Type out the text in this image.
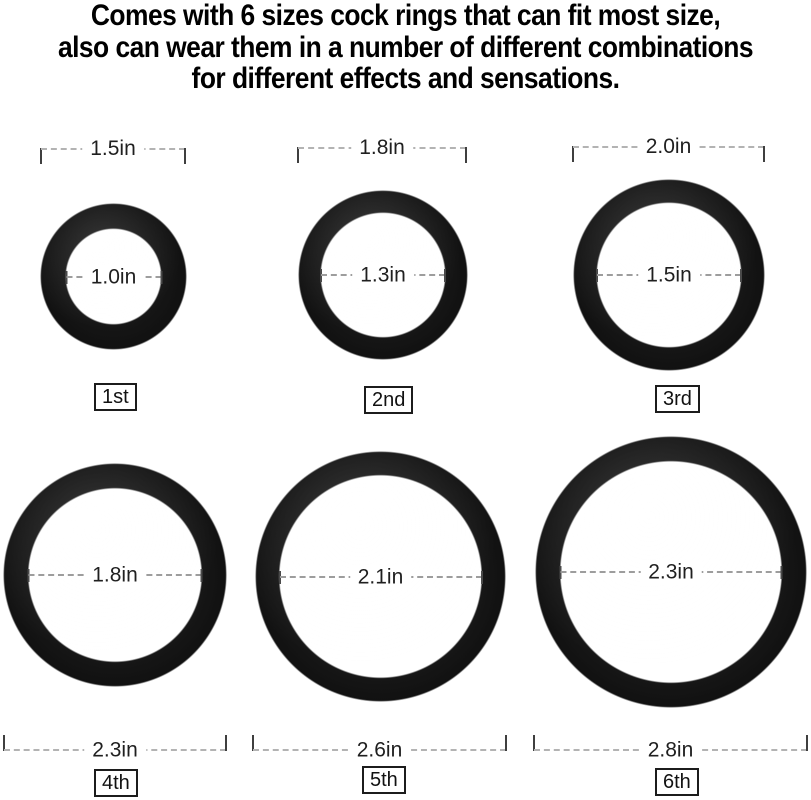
Comes with 6 sizes cock rings that can fit most size,
also can wear them in a number of different combinations
for different effects and sensations.
1.5in
1.0in
1st
1.8in
1.3in
2nd
2.0in
1.5in
3rd
1.8in
2.3in
4th
2.1in
2.6in
5th
2.3in
2.8in
6th
